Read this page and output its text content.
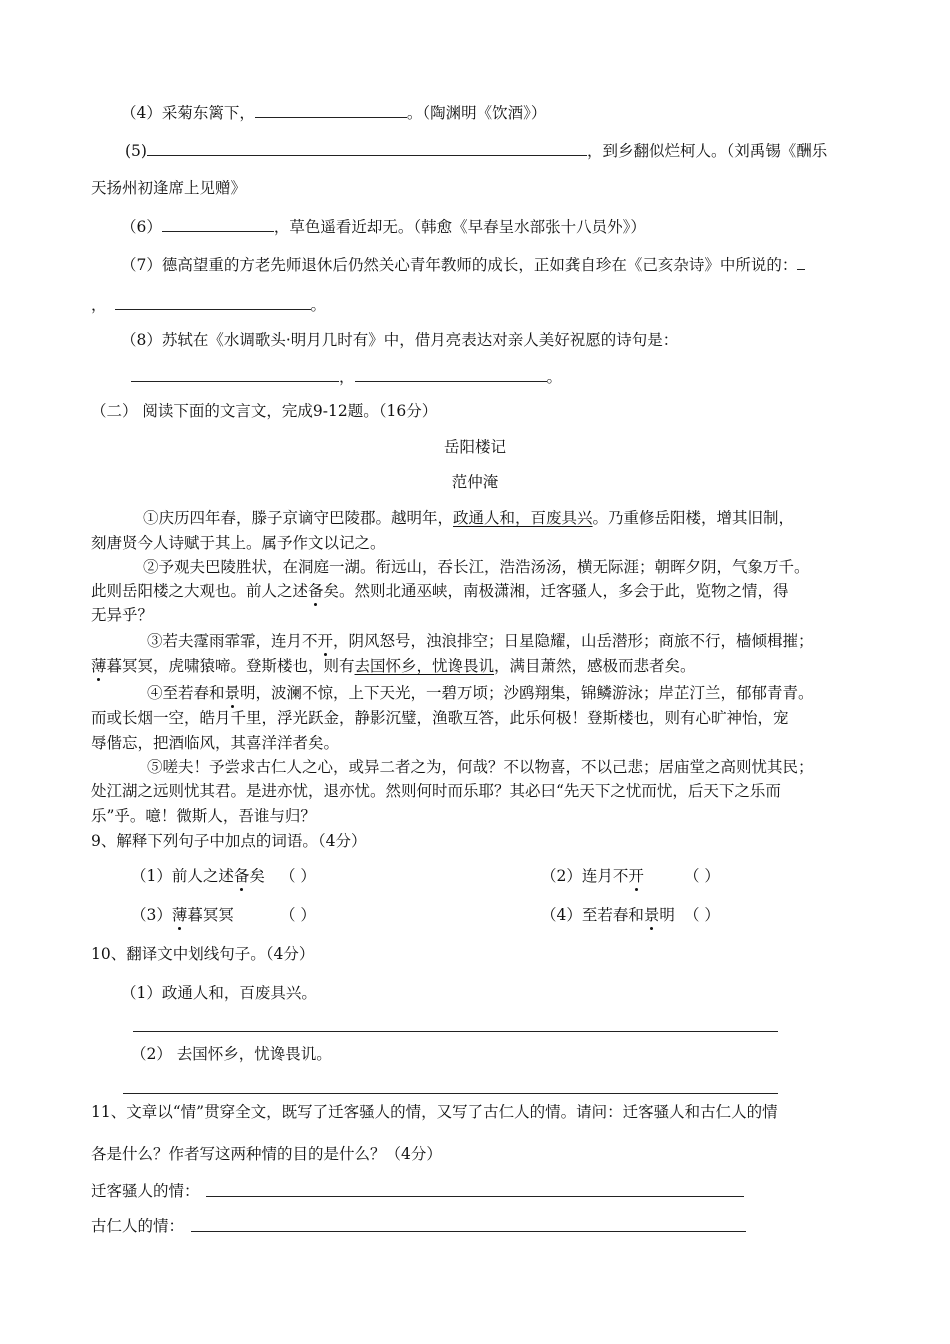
（4）采菊东篱下，	。（陶渊明《饮酒》）
(5)	，到乡翻似烂柯人。（刘禹锡《酬乐
天扬州初逢席上见赠》
（6）	，草色遥看近却无。（韩愈《早春呈水部张十八员外》）
（7）德高望重的方老先师退休后仍然关心青年教师的成长，正如龚自珍在《己亥杂诗》中所说的：
，	。
（8）苏轼在《水调歌头·明月几时有》中，借月亮表达对亲人美好祝愿的诗句是：
，	。
（二） 阅读下面的文言文，完成9-12题。（16分）
岳阳楼记
范仲淹
①庆历四年春，滕子京谪守巴陵郡。越明年，政通人和，百废具兴。乃重修岳阳楼，增其旧制，
刻唐贤今人诗赋于其上。属予作文以记之。
②予观夫巴陵胜状，在洞庭一湖。衔远山，吞长江，浩浩汤汤，横无际涯；朝晖夕阴，气象万千。
此则岳阳楼之大观也。前人之述备矣。然则北通巫峡，南极潇湘，迁客骚人，多会于此，览物之情，得
无异乎？
③若夫霪雨霏霏，连月不开，阴风怒号，浊浪排空；日星隐耀，山岳潜形；商旅不行，樯倾楫摧；
薄暮冥冥，虎啸猿啼。登斯楼也，则有去国怀乡，忧谗畏讥，满目萧然，感极而悲者矣。
④至若春和景明，波澜不惊，上下天光，一碧万顷；沙鸥翔集，锦鳞游泳；岸芷汀兰，郁郁青青。
而或长烟一空，皓月千里，浮光跃金，静影沉璧，渔歌互答，此乐何极！登斯楼也，则有心旷神怡，宠
辱偕忘，把酒临风，其喜洋洋者矣。
⑤嗟夫！予尝求古仁人之心，或异二者之为，何哉？不以物喜，不以己悲；居庙堂之高则忧其民；
处江湖之远则忧其君。是进亦忧，退亦忧。然则何时而乐耶？其必曰“先天下之忧而忧，后天下之乐而
乐”乎。噫！微斯人，吾谁与归？
9、解释下列句子中加点的词语。（4分）
（1）前人之述备矣 （ ）	（2）连月不开	（ ）
（3）薄暮冥冥	（ ）	（4）至若春和景明 （ ）
10、翻译文中划线句子。（4分）
（1）政通人和，百废具兴。
（2） 去国怀乡，忧谗畏讥。
11、文章以“情”贯穿全文，既写了迁客骚人的情，又写了古仁人的情。请问：迁客骚人和古仁人的情
各是什么？作者写这两种情的目的是什么？（4分）
迁客骚人的情：
古仁人的情：
